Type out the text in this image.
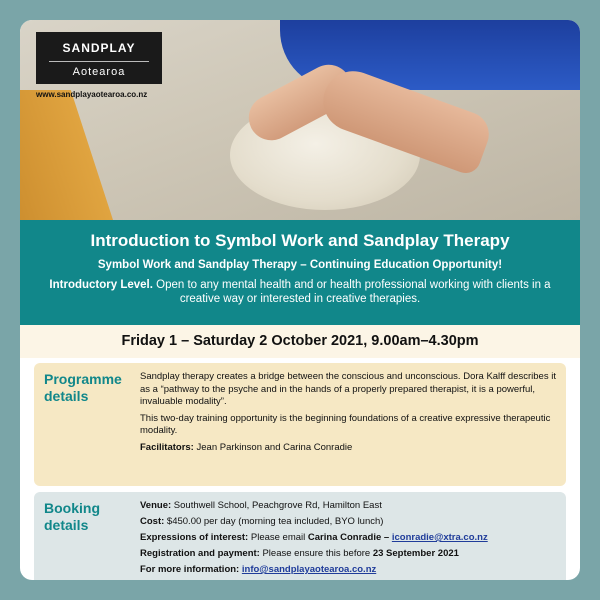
SANDPLAY
Aotearoa
www.sandplayaotearoa.co.nz
Introduction to Symbol Work and Sandplay Therapy
Symbol Work and Sandplay Therapy – Continuing Education Opportunity!
Introductory Level. Open to any mental health and or health professional working with clients in a creative way or interested in creative therapies.
Friday 1 – Saturday 2 October 2021, 9.00am–4.30pm
Programme details

Sandplay therapy creates a bridge between the conscious and unconscious. Dora Kalff describes it as a “pathway to the psyche and in the hands of a properly prepared therapist, it is a powerful, invaluable modality”.

This two-day training opportunity is the beginning foundations of a creative expressive therapeutic modality.

Facilitators: Jean Parkinson and Carina Conradie

Booking details

Venue: Southwell School, Peachgrove Rd, Hamilton East

Cost: $450.00 per day (morning tea included, BYO lunch)

Expressions of interest: Please email Carina Conradie – iconradie@xtra.co.nz

Registration and payment: Please ensure this before 23 September 2021

For more information: info@sandplayaotearoa.co.nz
